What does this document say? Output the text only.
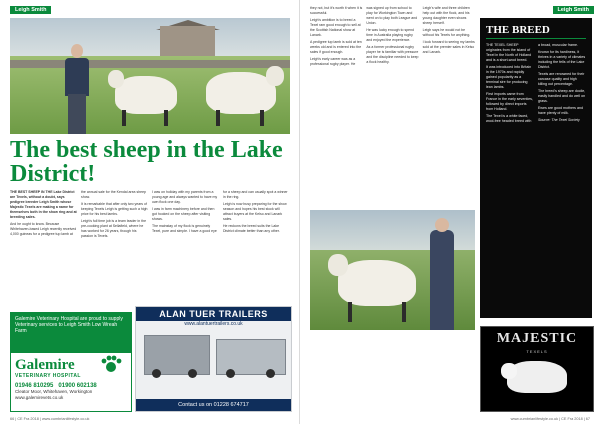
Leigh Smith
The best sheep in the Lake District!

THE BEST SHEEP IN THE Lake District are Texels, without a doubt, says pedigree breeder Leigh Smith whose Majestic Texels are making a name for themselves both in the show ring and at breeding sales.

And he ought to know. Because Whitehaven-based Leigh recently received 4,000 guineas for a pedigree tup lamb at the annual sale for the Kendal area sheep show.

It is remarkable that after only two years of keeping Texels Leigh is getting such a high price for his best lambs.

Leigh's full time job is a team leader in the pre-cooking plant at Sellafield, where he has worked for 26 years, though his passion is Texels.

I was on holiday with my parents from a young age and always wanted to have my own flock one day.

I was in farm machinery before and then got hooked on the sheep after visiting shows.

The mainstay of my flock is genuinely Texel, pure and simple. I have a good eye for a sheep and can usually spot a winner in the ring.

Leigh is now busy preparing for the show season and hopes his best stock will attract buyers at the Kelso and Lanark sales.

He reckons the breed suits the Lake District climate better than any other.

Galemire Veterinary Hospital are proud to supply Veterinary services to Leigh Smith Low Wreah Farm
Galemire
VETERINARY HOSPITAL
01946 810295 01900 602138
Cleator Moor, Whitehaven, Workington
www.galemirevets.co.uk
ALAN TUER TRAILERS
www.alantuertrailers.co.uk
Contact us on 01228 674717
66 | CE Fra 2018 | www.cumbrianlifestyle.co.uk
Leigh Smith

they not, but it's worth it when it is successful.

Leigh's ambition is to breed a Texel ram good enough to sell at the Scottish National show at Lanark.

A pedigree tup lamb is sold at ten weeks old and is entered into the sales if good enough.

Leigh's early career was as a professional rugby player. He was signed up from school to play for Workington Town and went on to play both League and Union.

He was lucky enough to spend time in Australia playing rugby and enjoyed the experience.

As a former professional rugby player he is familiar with pressure and the discipline needed to keep a flock healthy.

Leigh's wife and three children help out with the flock, and his young daughter even shows sheep herself.

Leigh says he would not be without his Texels for anything.

I look forward to seeing my lambs sold at the premier sales in Kelso and Lanark.

THE BREED

THE TEXEL SHEEP originates from the island of Texel in the North of Holland and is a short-wool breed.

It was introduced into Britain in the 1970s and rapidly gained popularity as a terminal sire for producing lean lambs.

First imports came from France in the early seventies, followed by direct imports from Holland.

The Texel is a white faced, wool-free headed breed with a broad, muscular frame.

Known for its hardiness, it thrives in a variety of climates including the fells of the Lake District.

Texels are renowned for their carcase quality and high killing out percentage.

The breed's sheep are docile, easily handled and do well on grass.

Ewes are good mothers and have plenty of milk.

Source: The Texel Society

MAJESTIC
TEXELS
www.cumbrianlifestyle.co.uk | CE Fra 2018 | 67
